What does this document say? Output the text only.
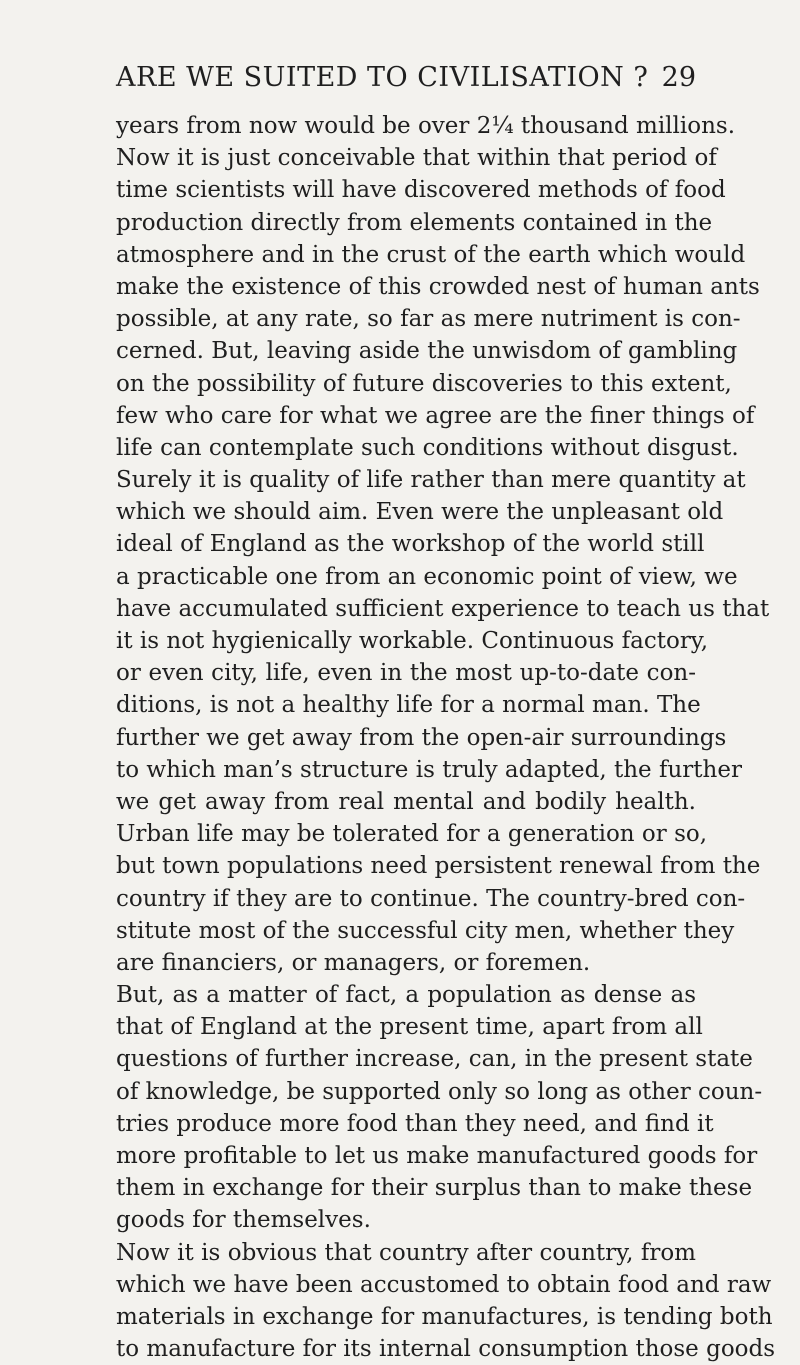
ARE WE SUITED TO CIVILISATION ? 29
years from now would be over 2¼ thousand millions.
Now it is just conceivable that within that period of
time scientists will have discovered methods of food
production directly from elements contained in the
atmosphere and in the crust of the earth which would
make the existence of this crowded nest of human ants
possible, at any rate, so far as mere nutriment is con-
cerned. But, leaving aside the unwisdom of gambling
on the possibility of future discoveries to this extent,
few who care for what we agree are the finer things of
life can contemplate such conditions without disgust.
Surely it is quality of life rather than mere quantity at
which we should aim. Even were the unpleasant old
ideal of England as the workshop of the world still
a practicable one from an economic point of view, we
have accumulated sufficient experience to teach us that
it is not hygienically workable. Continuous factory,
or even city, life, even in the most up-to-date con-
ditions, is not a healthy life for a normal man. The
further we get away from the open-air surroundings
to which man’s structure is truly adapted, the further
we get away from real mental and bodily health.
Urban life may be tolerated for a generation or so,
but town populations need persistent renewal from the
country if they are to continue. The country-bred con-
stitute most of the successful city men, whether they
are financiers, or managers, or foremen.
But, as a matter of fact, a population as dense as
that of England at the present time, apart from all
questions of further increase, can, in the present state
of knowledge, be supported only so long as other coun-
tries produce more food than they need, and find it
more profitable to let us make manufactured goods for
them in exchange for their surplus than to make these
goods for themselves.
Now it is obvious that country after country, from
which we have been accustomed to obtain food and raw
materials in exchange for manufactures, is tending both
to manufacture for its internal consumption those goods
